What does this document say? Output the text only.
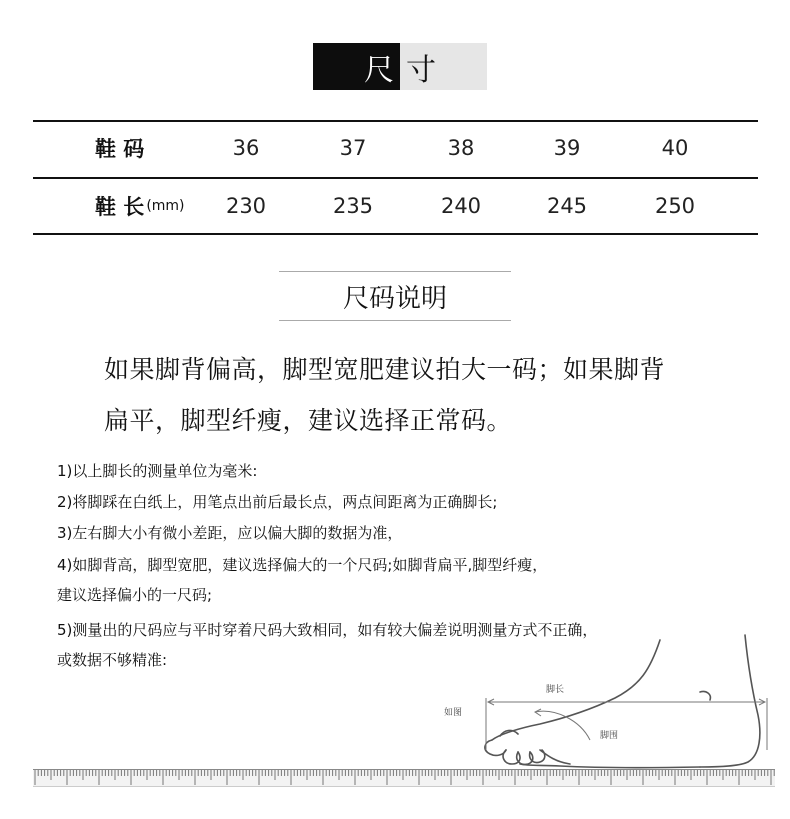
尺 寸
鞋 码	36	37	38	39	40
鞋 长 (mm)	230	235	240	245	250
尺码说明
如果脚背偏高，脚型宽肥建议拍大一码；如果脚背
扁平，脚型纤瘦，建议选择正常码。
1)以上脚长的测量单位为毫米:
2)将脚踩在白纸上，用笔点出前后最长点，两点间距离为正确脚长;
3)左右脚大小有微小差距，应以偏大脚的数据为准，
4)如脚背高，脚型宽肥，建议选择偏大的一个尺码;如脚背扁平,脚型纤瘦，
建议选择偏小的一尺码;
5)测量出的尺码应与平时穿着尺码大致相同，如有较大偏差说明测量方式不正确，
或数据不够精准:
脚长
如图
脚围
